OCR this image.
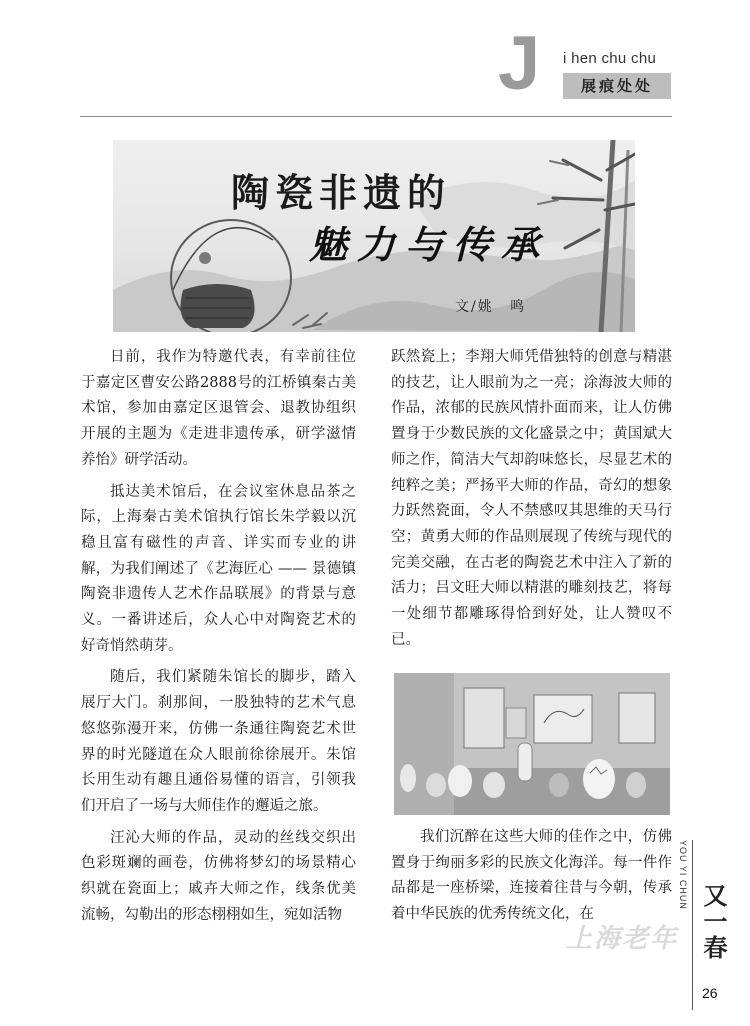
J i hen chu chu
展痕处处
陶瓷非遗的
魅力与传承
文/姚 鸣

日前，我作为特邀代表，有幸前往位于嘉定区曹安公路2888号的江桥镇秦古美术馆，参加由嘉定区退管会、退教协组织开展的主题为《走进非遗传承，研学滋情养怡》研学活动。

抵达美术馆后，在会议室休息品茶之际，上海秦古美术馆执行馆长朱学毅以沉稳且富有磁性的声音、详实而专业的讲解，为我们阐述了《艺海匠心 —— 景德镇陶瓷非遗传人艺术作品联展》的背景与意义。一番讲述后，众人心中对陶瓷艺术的好奇悄然萌芽。

随后，我们紧随朱馆长的脚步，踏入展厅大门。刹那间，一股独特的艺术气息悠悠弥漫开来，仿佛一条通往陶瓷艺术世界的时光隧道在众人眼前徐徐展开。朱馆长用生动有趣且通俗易懂的语言，引领我们开启了一场与大师佳作的邂逅之旅。

汪沁大师的作品，灵动的丝线交织出色彩斑斓的画卷，仿佛将梦幻的场景精心织就在瓷面上；戚卉大师之作，线条优美流畅，勾勒出的形态栩栩如生，宛如活物

跃然瓷上；李翔大师凭借独特的创意与精湛的技艺，让人眼前为之一亮；涂海波大师的作品，浓郁的民族风情扑面而来，让人仿佛置身于少数民族的文化盛景之中；黄国斌大师之作，简洁大气却韵味悠长，尽显艺术的纯粹之美；严扬平大师的作品，奇幻的想象力跃然瓷面，令人不禁感叹其思维的天马行空；黄勇大师的作品则展现了传统与现代的完美交融，在古老的陶瓷艺术中注入了新的活力；吕文旺大师以精湛的雕刻技艺，将每一处细节都雕琢得恰到好处，让人赞叹不已。

我们沉醉在这些大师的佳作之中，仿佛置身于绚丽多彩的民族文化海洋。每一件作品都是一座桥梁，连接着往昔与今朝，传承着中华民族的优秀传统文化，在

上海老年
YOU YI CHUN
又一春
26
